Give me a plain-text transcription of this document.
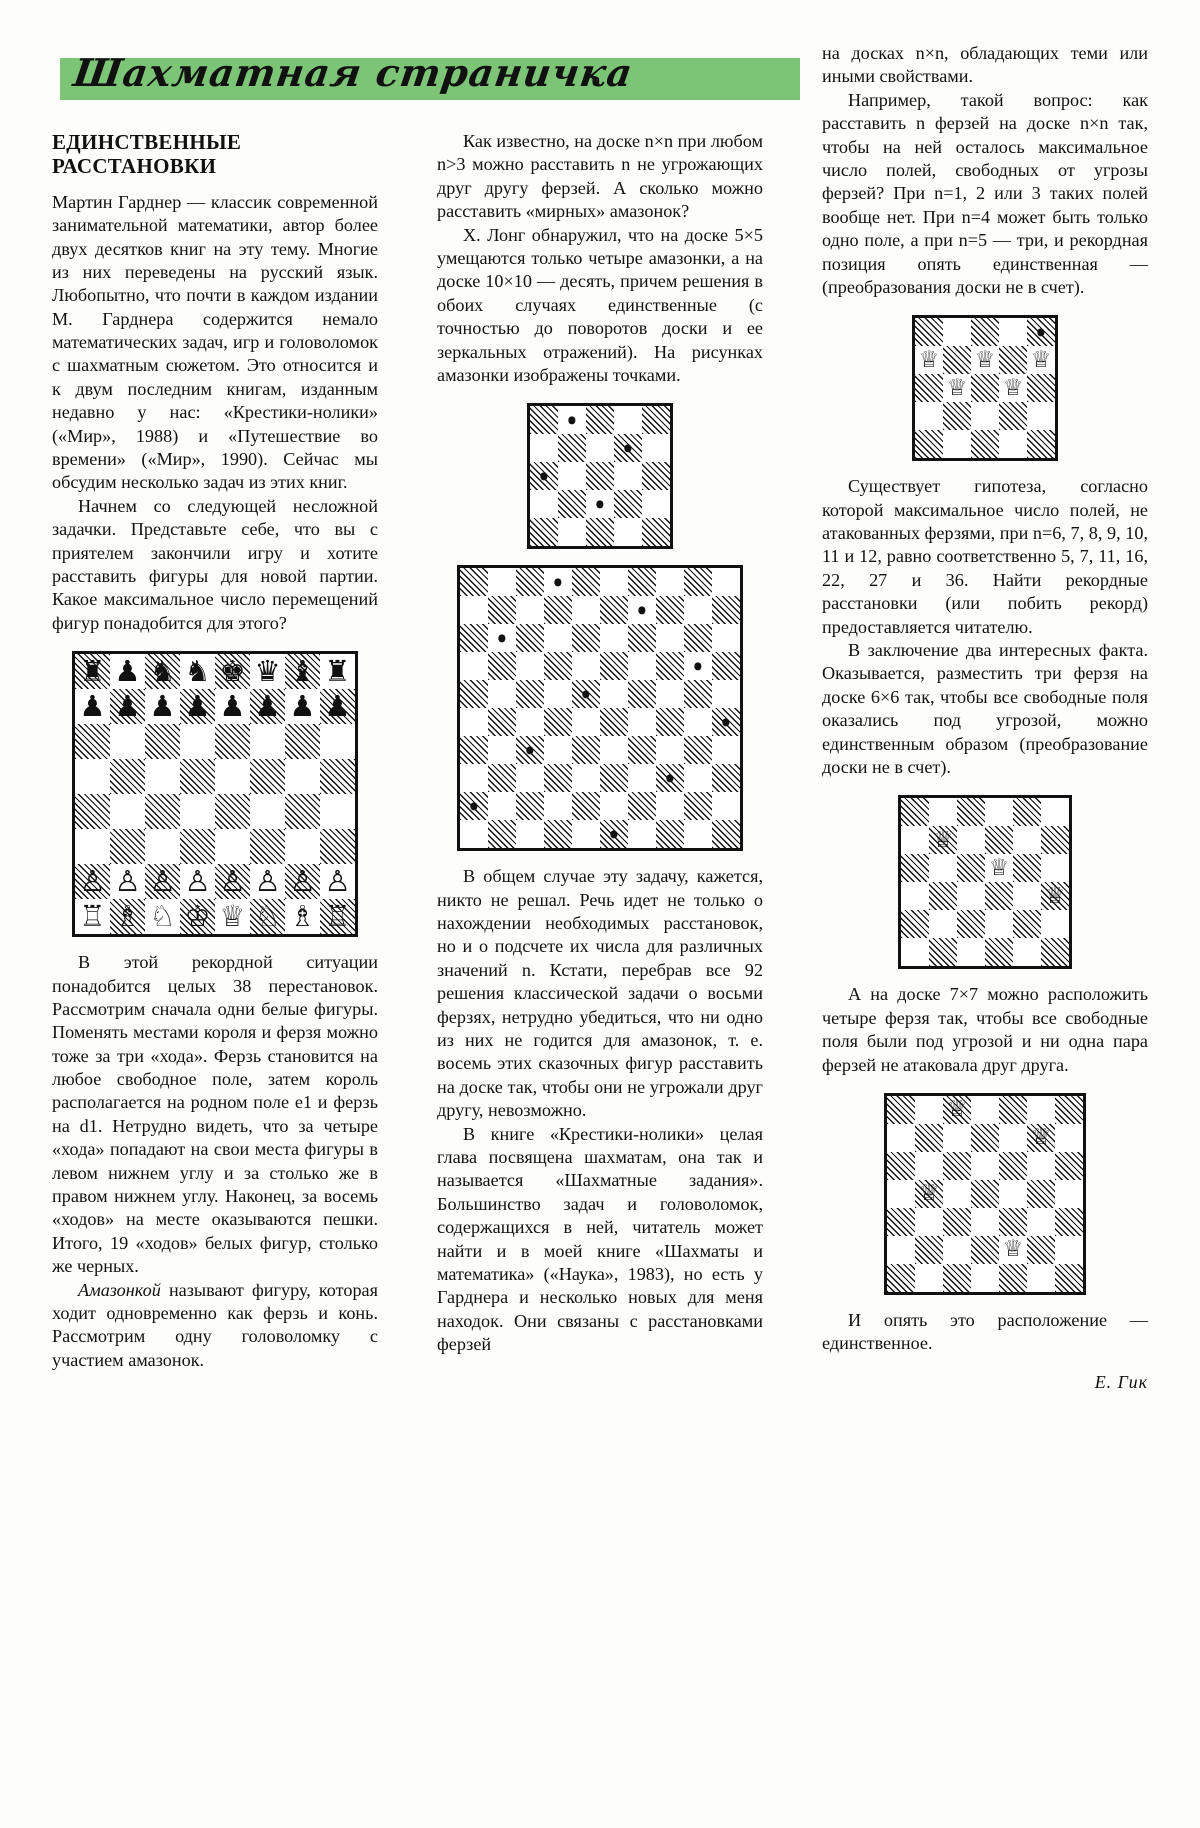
Шахматная страничка
ЕДИНСТВЕННЫЕ
РАССТАНОВКИ

Мартин Гарднер — классик современной занимательной математики, автор более двух десятков книг на эту тему. Многие из них переведены на русский язык. Любопытно, что почти в каждом издании М. Гарднера содержится немало математических задач, игр и головоломок с шахматным сюжетом. Это относится и к двум последним книгам, изданным недавно у нас: «Крестики-нолики» («Мир», 1988) и «Путешествие во времени» («Мир», 1990). Сейчас мы обсудим несколько задач из этих книг.

Начнем со следующей несложной задачки. Представьте себе, что вы с приятелем закончили игру и хотите расставить фигуры для новой партии. Какое максимальное число перемещений фигур понадобится для этого?

♜ ♟ ♞ ♞ ♚ ♛ ♝ ♜
♟ ♟ ♟ ♟ ♟ ♟ ♟ ♟
♙ ♙ ♙ ♙ ♙ ♙ ♙ ♙
♖ ♗ ♘ ♔ ♕ ♘ ♗ ♖

В этой рекордной ситуации понадобится целых 38 перестановок. Рассмотрим сначала одни белые фигуры. Поменять местами короля и ферзя можно тоже за три «хода». Ферзь становится на любое свободное поле, затем король располагается на родном поле e1 и ферзь на d1. Нетрудно видеть, что за четыре «хода» попадают на свои места фигуры в левом нижнем углу и за столько же в правом нижнем углу. Наконец, за восемь «ходов» на месте оказываются пешки. Итого, 19 «ходов» белых фигур, столько же черных.

Амазонкой называют фигуру, которая ходит одновременно как ферзь и конь. Рассмотрим одну головоломку с участием амазонок.

Как известно, на доске n×n при любом n>3 можно расставить n не угрожающих друг другу ферзей. А сколько можно расставить «мирных» амазонок?

X. Лонг обнаружил, что на доске 5×5 умещаются только четыре амазонки, а на доске 10×10 — десять, причем решения в обоих случаях единственные (с точностью до поворотов доски и ее зеркальных отражений). На рисунках амазонки изображены точками.

В общем случае эту задачу, кажется, никто не решал. Речь идет не только о нахождении необходимых расстановок, но и о подсчете их числа для различных значений n. Кстати, перебрав все 92 решения классической задачи о восьми ферзях, нетрудно убедиться, что ни одно из них не годится для амазонок, т. е. восемь этих сказочных фигур расставить на доске так, чтобы они не угрожали друг другу, невозможно.

В книге «Крестики-нолики» целая глава посвящена шахматам, она так и называется «Шахматные задания». Большинство задач и головоломок, содержащихся в ней, читатель может найти и в моей книге «Шахматы и математика» («Наука», 1983), но есть у Гарднера и несколько новых для меня находок. Они связаны с расстановками ферзей

на досках n×n, обладающих теми или иными свойствами.

Например, такой вопрос: как расставить n ферзей на доске n×n так, чтобы на ней осталось максимальное число полей, свободных от угрозы ферзей? При n=1, 2 или 3 таких полей вообще нет. При n=4 может быть только одно поле, а при n=5 — три, и рекордная позиция опять единственная — (преобразования доски не в счет).

♕ ♕ ♕
♕ ♕

Существует гипотеза, согласно которой максимальное число полей, не атакованных ферзями, при n=6, 7, 8, 9, 10, 11 и 12, равно соответственно 5, 7, 11, 16, 22, 27 и 36. Найти рекордные расстановки (или побить рекорд) предоставляется читателю.

В заключение два интересных факта. Оказывается, разместить три ферзя на доске 6×6 так, чтобы все свободные поля оказались под угрозой, можно единственным образом (преобразование доски не в счет).

♕
♕
♕

А на доске 7×7 можно расположить четыре ферзя так, чтобы все свободные поля были под угрозой и ни одна пара ферзей не атаковала друг друга.

♕
♕
♕
♕

И опять это расположение — единственное.

Е. Гик
